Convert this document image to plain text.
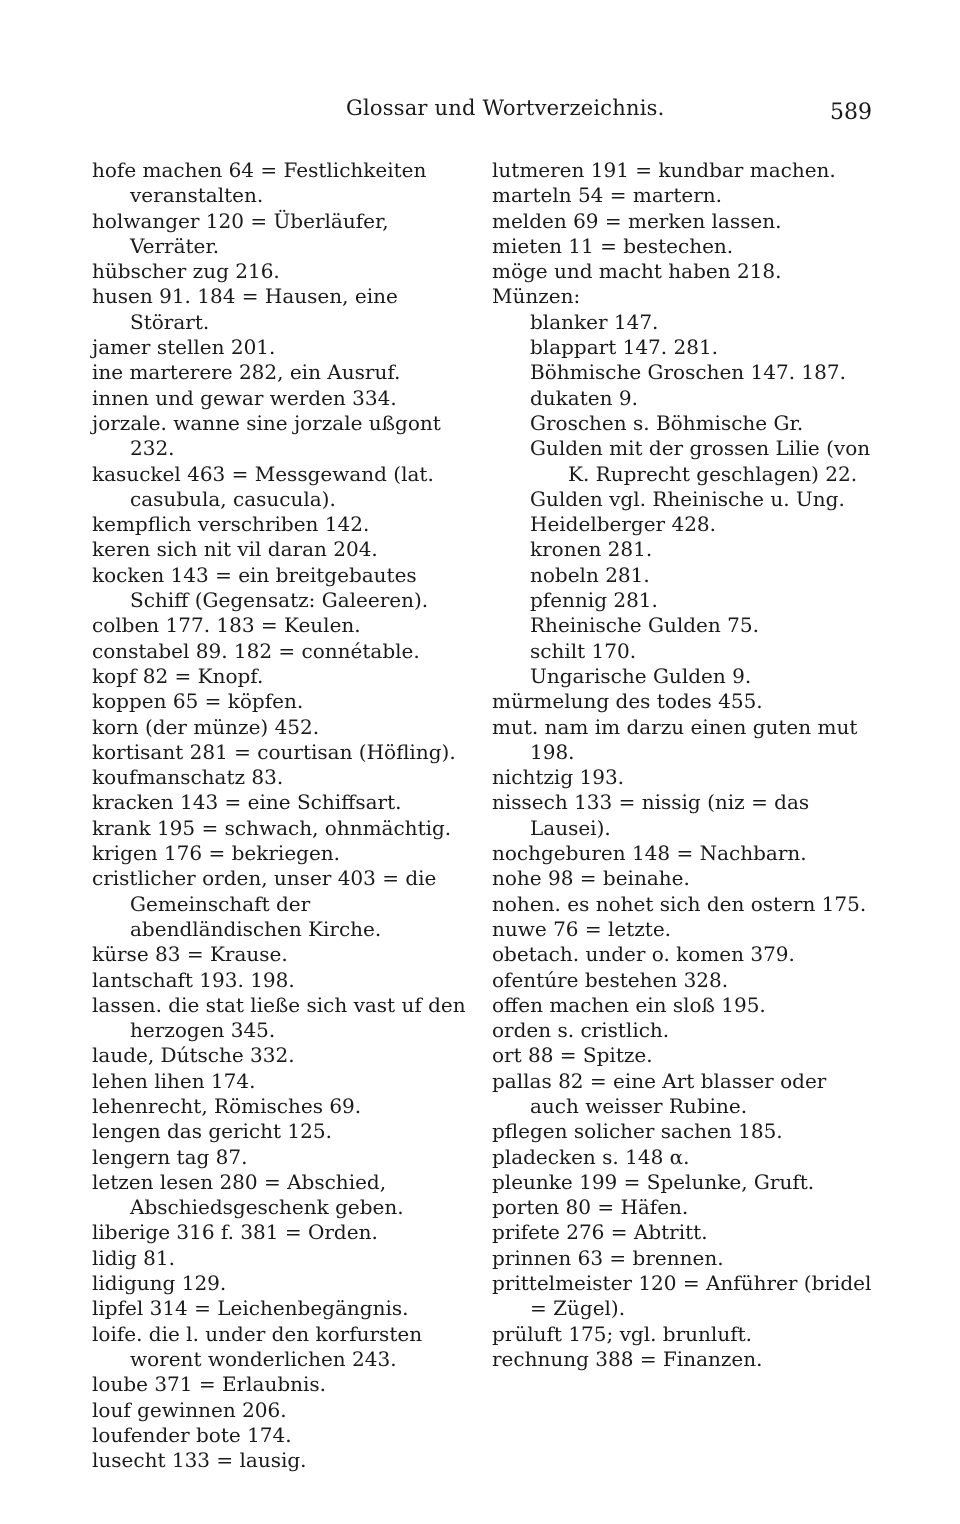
Glossar und Wortverzeichnis.	589
hofe machen 64 = Festlichkeiten veranstalten.
holwanger 120 = Überläufer, Verräter.
hübscher zug 216.
husen 91. 184 = Hausen, eine Störart.
jamer stellen 201.
ine marterere 282, ein Ausruf.
innen und gewar werden 334.
jorzale. wanne sine jorzale ußgont 232.
kasuckel 463 = Messgewand (lat. casubula, casucula).
kempflich verschriben 142.
keren sich nit vil daran 204.
kocken 143 = ein breitgebautes Schiff (Gegensatz: Galeeren).
colben 177. 183 = Keulen.
constabel 89. 182 = connétable.
kopf 82 = Knopf.
koppen 65 = köpfen.
korn (der münze) 452.
kortisant 281 = courtisan (Höfling).
koufmanschatz 83.
kracken 143 = eine Schiffsart.
krank 195 = schwach, ohnmächtig.
krigen 176 = bekriegen.
cristlicher orden, unser 403 = die Gemeinschaft der abendländischen Kirche.
kürse 83 = Krause.
lantschaft 193. 198.
lassen. die stat ließe sich vast uf den herzogen 345.
laude, Dútsche 332.
lehen lihen 174.
lehenrecht, Römisches 69.
lengen das gericht 125.
lengern tag 87.
letzen lesen 280 = Abschied, Abschiedsgeschenk geben.
liberige 316 f. 381 = Orden.
lidig 81.
lidigung 129.
lipfel 314 = Leichenbegängnis.
loife. die l. under den korfursten worent wonderlichen 243.
loube 371 = Erlaubnis.
louf gewinnen 206.
loufender bote 174.
lusecht 133 = lausig.
lutmeren 191 = kundbar machen.
marteln 54 = martern.
melden 69 = merken lassen.
mieten 11 = bestechen.
möge und macht haben 218.
Münzen:
blanker 147.
blappart 147. 281.
Böhmische Groschen 147. 187.
dukaten 9.
Groschen s. Böhmische Gr.
Gulden mit der grossen Lilie (von K. Ruprecht geschlagen) 22.
Gulden vgl. Rheinische u. Ung.
Heidelberger 428.
kronen 281.
nobeln 281.
pfennig 281.
Rheinische Gulden 75.
schilt 170.
Ungarische Gulden 9.
mürmelung des todes 455.
mut. nam im darzu einen guten mut 198.
nichtzig 193.
nissech 133 = nissig (niz = das Lausei).
nochgeburen 148 = Nachbarn.
nohe 98 = beinahe.
nohen. es nohet sich den ostern 175.
nuwe 76 = letzte.
obetach. under o. komen 379.
ofentúre bestehen 328.
offen machen ein sloß 195.
orden s. cristlich.
ort 88 = Spitze.
pallas 82 = eine Art blasser oder auch weisser Rubine.
pflegen solicher sachen 185.
pladecken s. 148 α.
pleunke 199 = Spelunke, Gruft.
porten 80 = Häfen.
prifete 276 = Abtritt.
prinnen 63 = brennen.
prittelmeister 120 = Anführer (bridel = Zügel).
prüluft 175; vgl. brunluft.
rechnung 388 = Finanzen.
